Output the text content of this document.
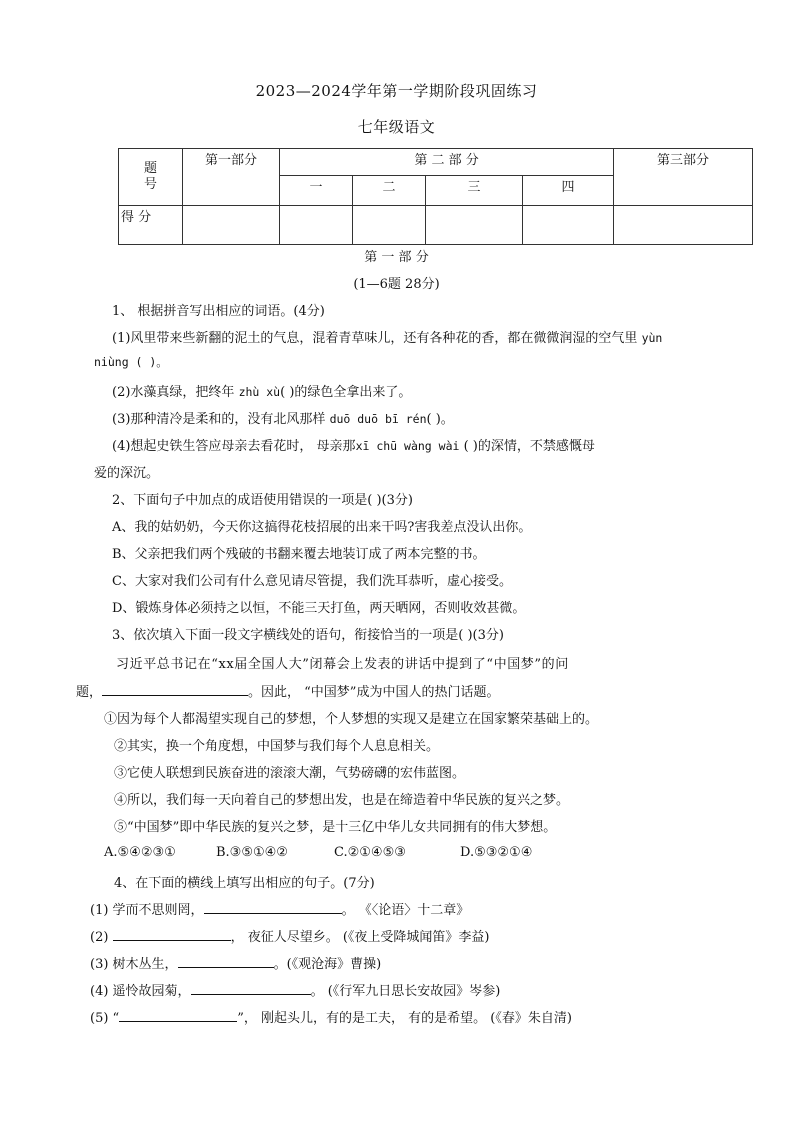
2023—2024学年第一学期阶段巩固练习
七年级语文
题号	第一部分	第 二 部 分				第三部分
		一	二	三	四	
得 分						
第 一 部 分
(1—6题 28分)
1、 根据拼音写出相应的词语。(4分)
(1)风里带来些新翻的泥土的气息，混着青草味儿，还有各种花的香，都在微微润湿的空气里 yùn
niùng ( )。
(2)水藻真绿，把终年 zhù xù( )的绿色全拿出来了。
(3)那种清冷是柔和的，没有北风那样 duō duō bī rén( )。
(4)想起史铁生答应母亲去看花时， 母亲那xī chū wàng wài ( )的深情，不禁感慨母
爱的深沉。
2、下面句子中加点的成语使用错误的一项是( )(3分)
A、我的姑奶奶，今天你这搞得花枝招展的出来干吗?害我差点没认出你。
B、父亲把我们两个残破的书翻来覆去地装订成了两本完整的书。
C、大家对我们公司有什么意见请尽管提，我们洗耳恭听，虚心接受。
D、锻炼身体必须持之以恒，不能三天打鱼，两天晒网，否则收效甚微。
3、依次填入下面一段文字横线处的语句，衔接恰当的一项是( )(3分)
习近平总书记在“xx届全国人大”闭幕会上发表的讲话中提到了“中国梦”的问
题，	。因此， “中国梦”成为中国人的热门话题。
①因为每个人都渴望实现自己的梦想，个人梦想的实现又是建立在国家繁荣基础上的。
②其实，换一个角度想，中国梦与我们每个人息息相关。
③它使人联想到民族奋进的滚滚大潮，气势磅礴的宏伟蓝图。
④所以，我们每一天向着自己的梦想出发，也是在缔造着中华民族的复兴之梦。
⑤“中国梦”即中华民族的复兴之梦，是十三亿中华儿女共同拥有的伟大梦想。
A.⑤④②③①	B.③⑤①④②	C.②①④⑤③	D.⑤③②①④
4、在下面的横线上填写出相应的句子。(7分)
(1) 学而不思则罔，	。 《〈论语〉十二章》
(2)	， 夜征人尽望乡。 (《夜上受降城闻笛》李益)
(3) 树木丛生，	。(《观沧海》曹操)
(4) 遥怜故园菊，	。 (《行军九日思长安故园》岑参)
(5) “	”， 刚起头儿，有的是工夫， 有的是希望。 (《春》朱自清)
